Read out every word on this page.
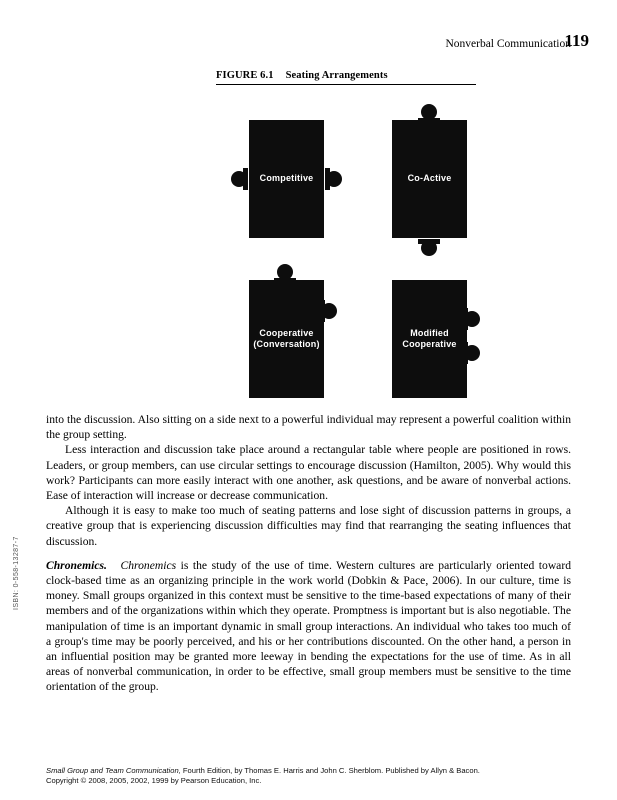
Nonverbal Communication
119
FIGURE 6.1 Seating Arrangements
Competitive	Co-Active
Cooperative
(Conversation)
Modified
Cooperative

into the discussion. Also sitting on a side next to a powerful individual may represent a powerful coalition within the group setting.

Less interaction and discussion take place around a rectangular table where people are positioned in rows. Leaders, or group members, can use circular settings to encourage discussion (Hamilton, 2005). Why would this work? Participants can more easily interact with one another, ask questions, and be aware of nonverbal actions. Ease of interaction will increase or decrease communication.

Although it is easy to make too much of seating patterns and lose sight of discussion patterns in groups, a creative group that is experiencing discussion difficulties may find that rearranging the seating influences that discussion.

Chronemics. Chronemics is the study of the use of time. Western cultures are particularly oriented toward clock-based time as an organizing principle in the work world (Dobkin & Pace, 2006). In our culture, time is money. Small groups organized in this context must be sensitive to the time-based expectations of many of their members and of the organizations within which they operate. Promptness is important but is also negotiable. The manipulation of time is an important dynamic in small group interactions. An individual who takes too much of a group's time may be poorly perceived, and his or her contributions discounted. On the other hand, a person in an influential position may be granted more leeway in bending the expectations for the use of time. As in all areas of nonverbal communication, in order to be effective, small group members must be sensitive to the time orientation of the group.

ISBN: 0-558-13287-7
Small Group and Team Communication, Fourth Edition, by Thomas E. Harris and John C. Sherblom. Published by Allyn & Bacon.
Copyright © 2008, 2005, 2002, 1999 by Pearson Education, Inc.
